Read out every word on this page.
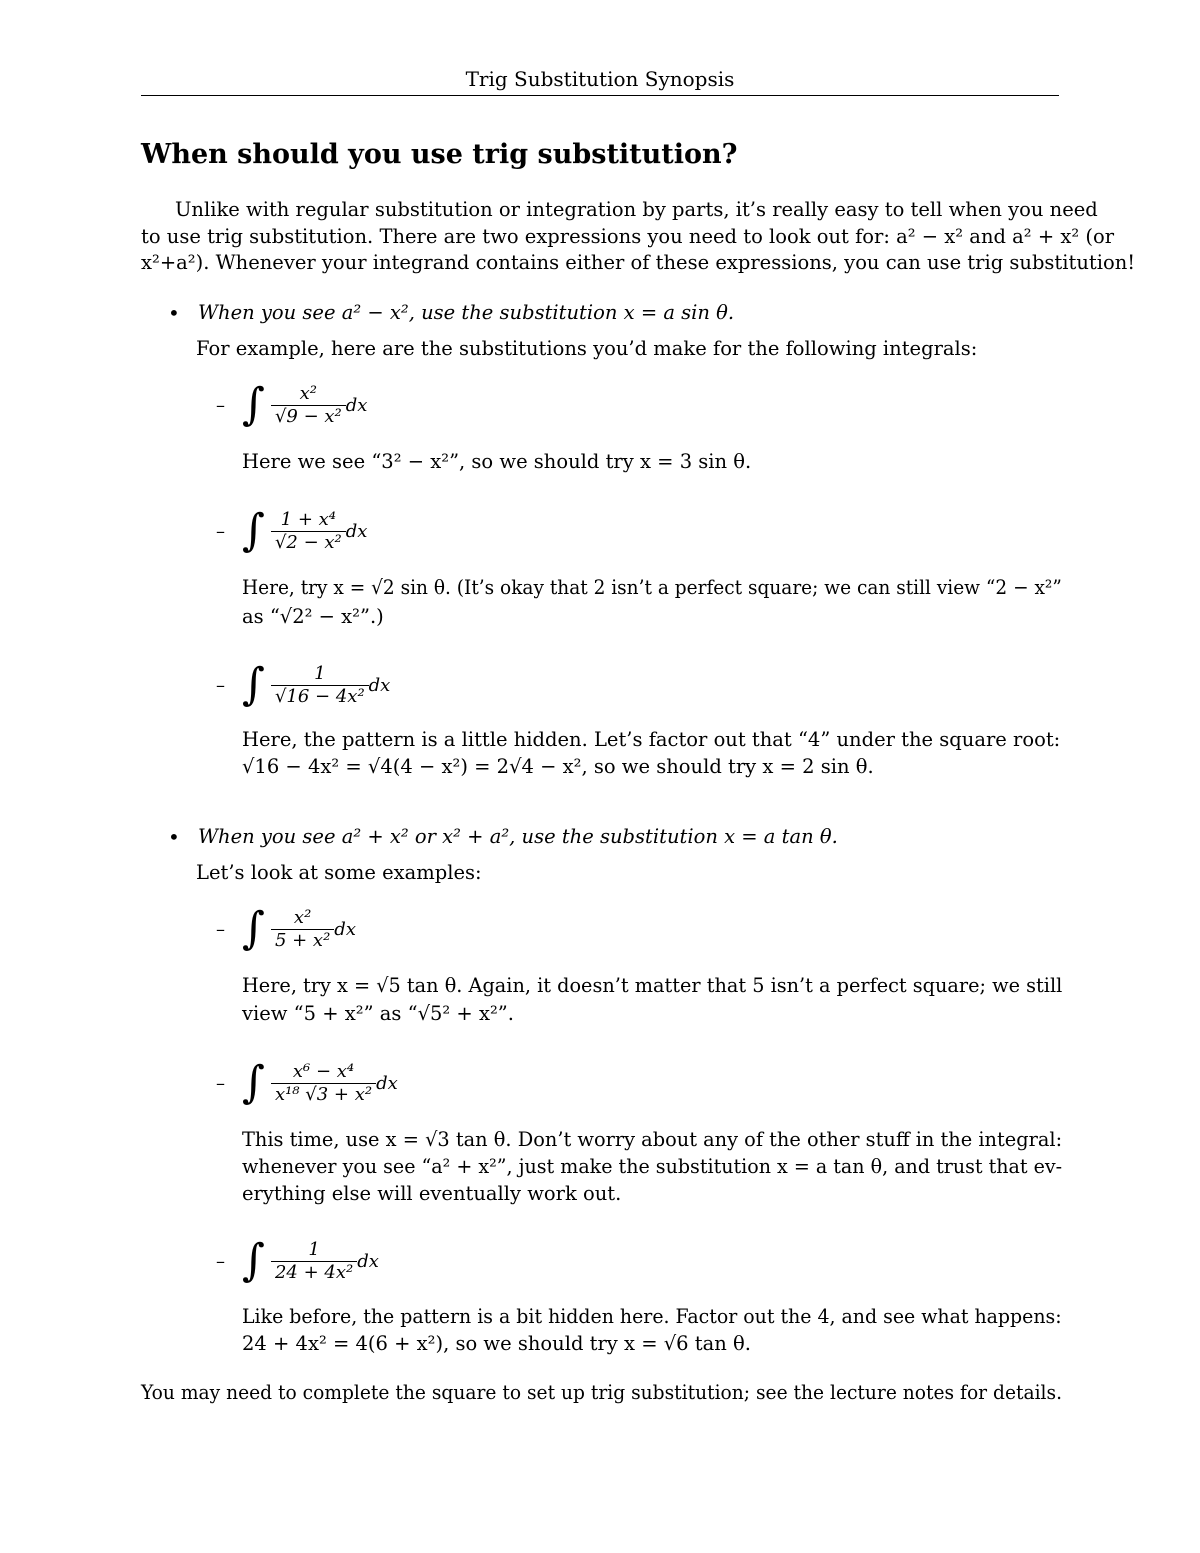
Trig Substitution Synopsis
When should you use trig substitution?
Unlike with regular substitution or integration by parts, it’s really easy to tell when you need
to use trig substitution. There are two expressions you need to look out for: a² − x² and a² + x² (or
x²+a²). Whenever your integrand contains either of these expressions, you can use trig substitution!
• When you see a² − x², use the substitution x = a sin θ.
For example, here are the substitutions you’d make for the following integrals:
– ∫ $\frac{\text{x²}}{\text{√9 − x²}}$ dx
Here we see “3² − x²”, so we should try x = 3 sin θ.
– ∫ $\frac{\text{1 + x⁴}}{\text{√2 − x²}}$ dx
Here, try x = √2 sin θ. (It’s okay that 2 isn’t a perfect square; we can still view “2 − x²”
as “√2² − x²”.)
– ∫ $\frac{1}{\text{√16 − 4x²}}$ dx
Here, the pattern is a little hidden. Let’s factor out that “4” under the square root:
√16 − 4x² = √4(4 − x²) = 2√4 − x², so we should try x = 2 sin θ.
• When you see a² + x² or x² + a², use the substitution x = a tan θ.
Let’s look at some examples:
– ∫ $\frac{\text{x²}}{\text{5 + x²}}$ dx
Here, try x = √5 tan θ. Again, it doesn’t matter that 5 isn’t a perfect square; we still
view “5 + x²” as “√5² + x²”.
– ∫ $\frac{\text{x⁶ − x⁴}}{\text{x¹⁸ √3 + x²}}$ dx
This time, use x = √3 tan θ. Don’t worry about any of the other stuff in the integral:
whenever you see “a² + x²”, just make the substitution x = a tan θ, and trust that ev-
erything else will eventually work out.
– ∫ $\frac{1}{\text{24 + 4x²}}$ dx
Like before, the pattern is a bit hidden here. Factor out the 4, and see what happens:
24 + 4x² = 4(6 + x²), so we should try x = √6 tan θ.
You may need to complete the square to set up trig substitution; see the lecture notes for details.
